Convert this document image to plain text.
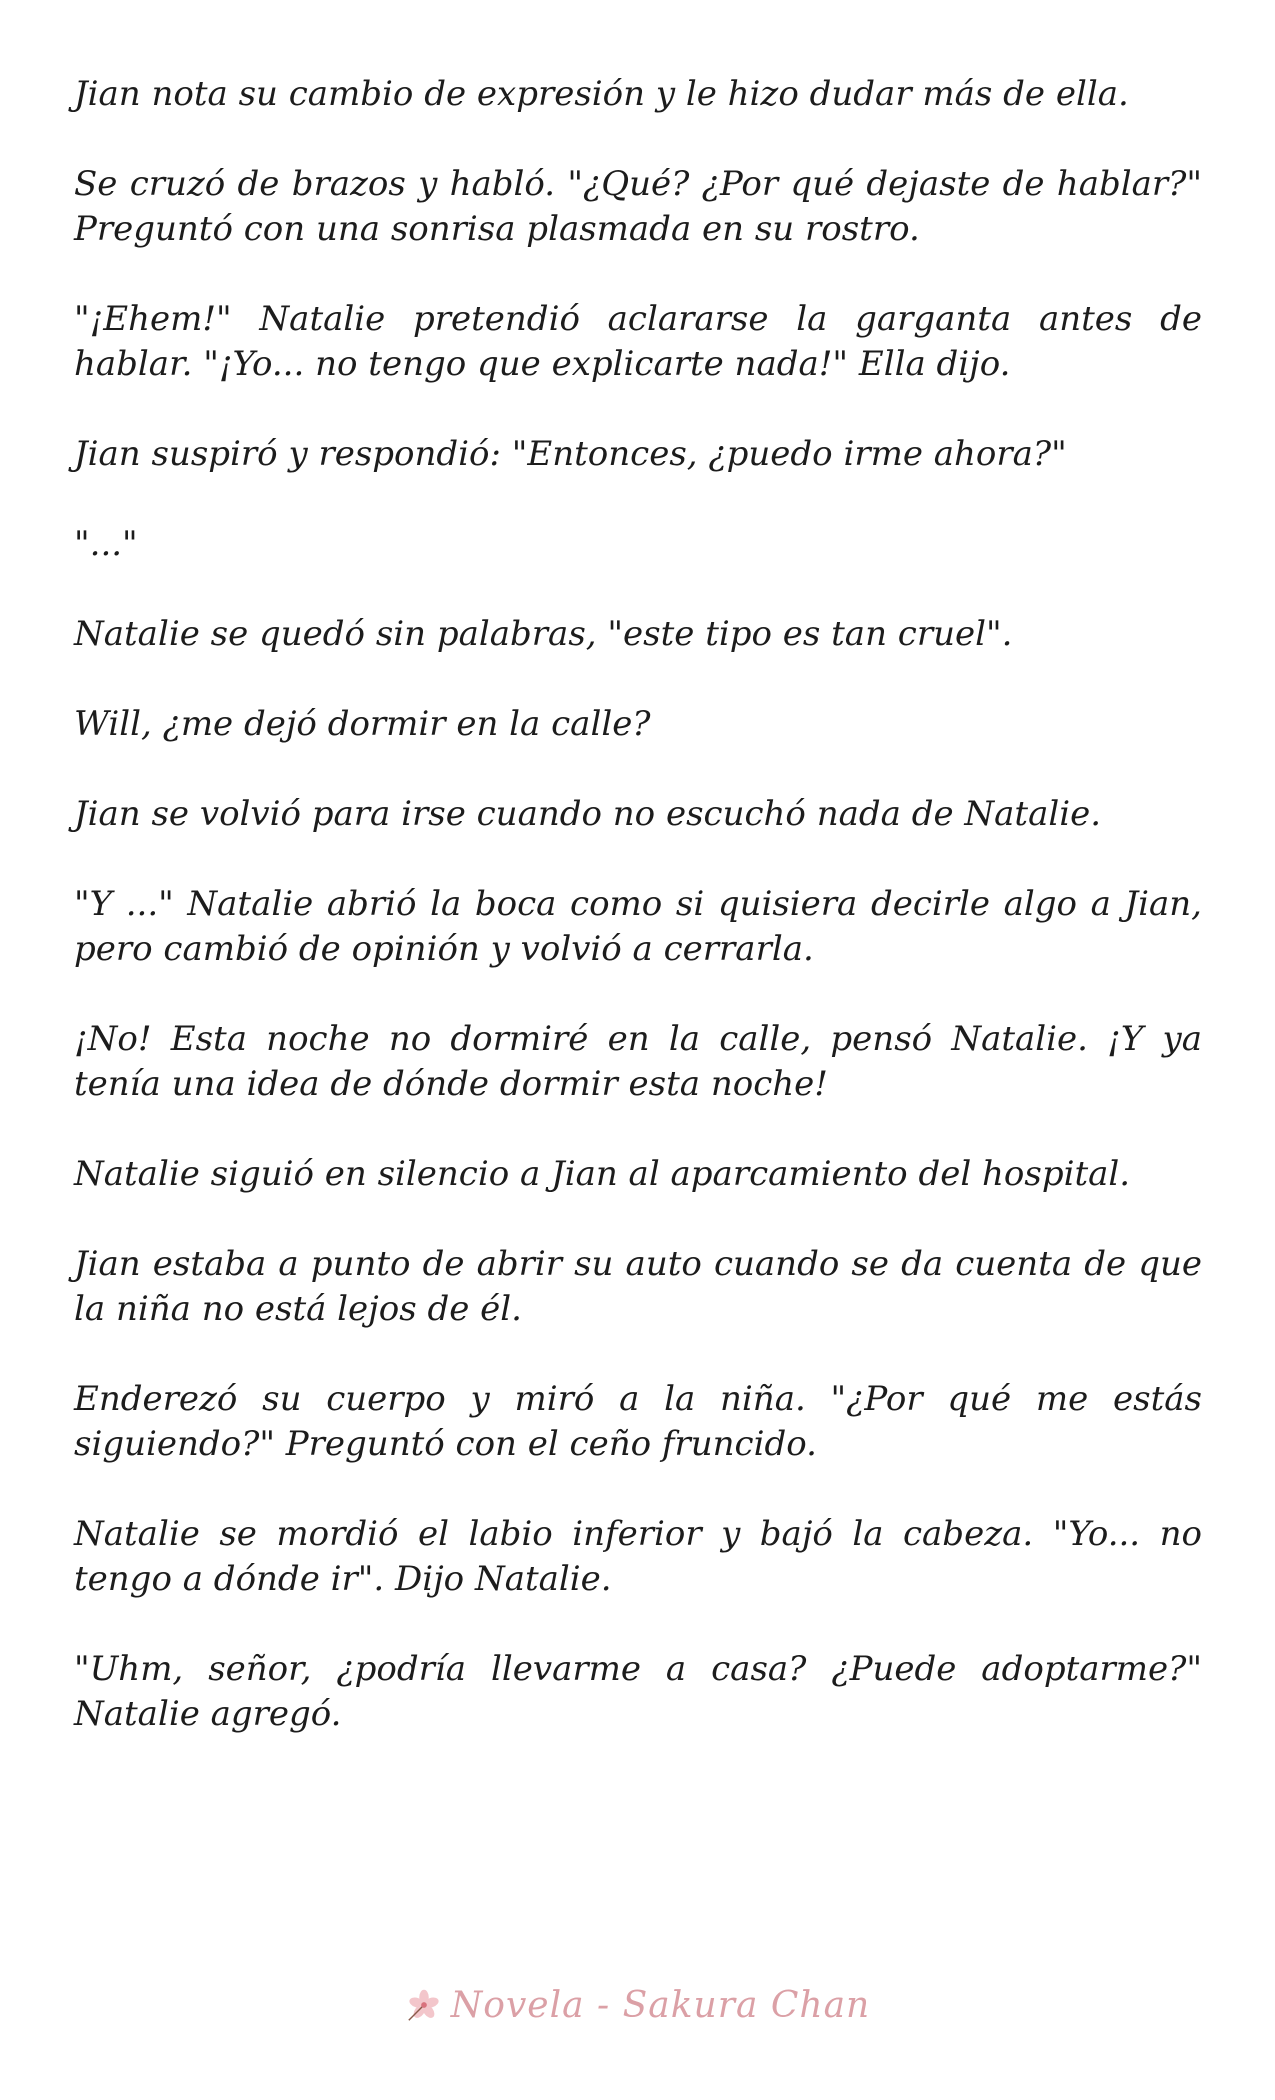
Jian nota su cambio de expresión y le hizo dudar más de ella.

Se cruzó de brazos y habló. "¿Qué? ¿Por qué dejaste de hablar?" Preguntó con una sonrisa plasmada en su rostro.

"¡Ehem!" Natalie pretendió aclararse la garganta antes de hablar. "¡Yo... no tengo que explicarte nada!" Ella dijo.

Jian suspiró y respondió: "Entonces, ¿puedo irme ahora?"

"..."

Natalie se quedó sin palabras, "este tipo es tan cruel".

Will, ¿me dejó dormir en la calle?

Jian se volvió para irse cuando no escuchó nada de Natalie.

"Y ..." Natalie abrió la boca como si quisiera decirle algo a Jian, pero cambió de opinión y volvió a cerrarla.

¡No! Esta noche no dormiré en la calle, pensó Natalie. ¡Y ya tenía una idea de dónde dormir esta noche!

Natalie siguió en silencio a Jian al aparcamiento del hospital.

Jian estaba a punto de abrir su auto cuando se da cuenta de que la niña no está lejos de él.

Enderezó su cuerpo y miró a la niña. "¿Por qué me estás siguiendo?" Preguntó con el ceño fruncido.

Natalie se mordió el labio inferior y bajó la cabeza. "Yo... no tengo a dónde ir". Dijo Natalie.

"Uhm, señor, ¿podría llevarme a casa? ¿Puede adoptarme?" Natalie agregó.

Novela - Sakura Chan
